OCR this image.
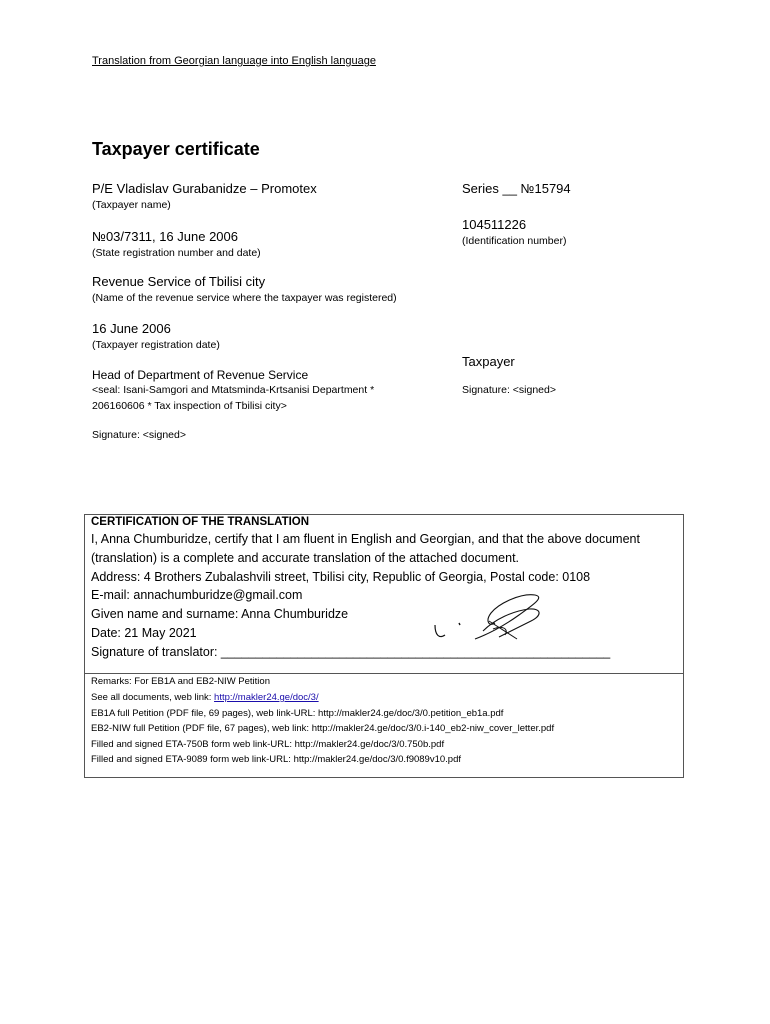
Translation from Georgian language into English language
Taxpayer certificate
P/E Vladislav Gurabanidze – Promotex
(Taxpayer name)
№03/7311, 16 June 2006
(State registration number and date)
Revenue Service of Tbilisi city
(Name of the revenue service where the taxpayer was registered)
16 June 2006
(Taxpayer registration date)
Head of Department of Revenue Service
<seal: Isani-Samgori and Mtatsminda-Krtsanisi Department *
206160606 * Tax inspection of Tbilisi city>
Signature: <signed>
Series __ №15794
104511226
(Identification number)
Taxpayer
Signature: <signed>
CERTIFICATION OF THE TRANSLATION
I, Anna Chumburidze, certify that I am fluent in English and Georgian, and that the above document
(translation) is a complete and accurate translation of the attached document.
Address: 4 Brothers Zubalashvili street, Tbilisi city, Republic of Georgia, Postal code: 0108
E-mail: annachumburidze@gmail.com
Given name and surname: Anna Chumburidze
Date: 21 May 2021
Signature of translator: ________________________________________________________
Remarks: For EB1A and EB2-NIW Petition
See all documents, web link: http://makler24.ge/doc/3/
EB1A full Petition (PDF file, 69 pages), web link-URL: http://makler24.ge/doc/3/0.petition_eb1a.pdf
EB2-NIW full Petition (PDF file, 67 pages), web link: http://makler24.ge/doc/3/0.i-140_eb2-niw_cover_letter.pdf
Filled and signed ETA-750B form web link-URL: http://makler24.ge/doc/3/0.750b.pdf
Filled and signed ETA-9089 form web link-URL: http://makler24.ge/doc/3/0.f9089v10.pdf
